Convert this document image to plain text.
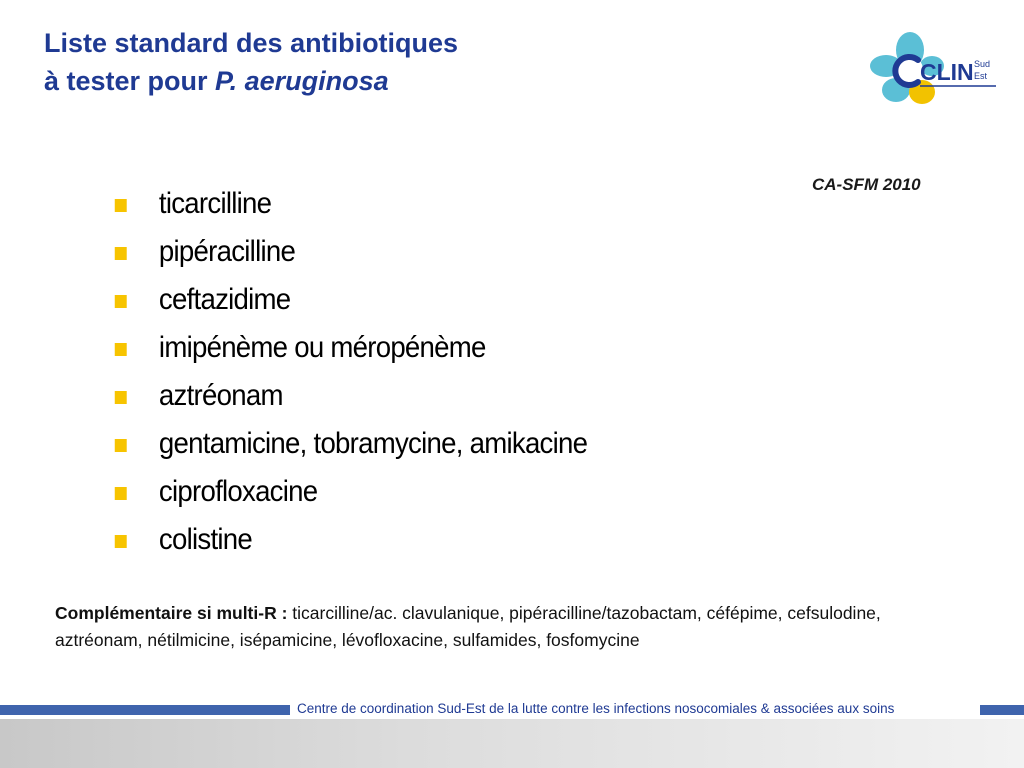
Liste standard des antibiotiques
à tester pour P. aeruginosa	CLIN Sud
Est
CA-SFM 2010
ticarcilline
pipéracilline
ceftazidime
imipénème ou méropénème
aztréonam
gentamicine, tobramycine, amikacine
ciprofloxacine
colistine
Complémentaire si multi-R : ticarcilline/ac. clavulanique, pipéracilline/tazobactam, céfépime, cefsulodine, aztréonam, nétilmicine, isépamicine, lévofloxacine, sulfamides, fosfomycine
Centre de coordination Sud-Est de la lutte contre les infections nosocomiales & associées aux soins
